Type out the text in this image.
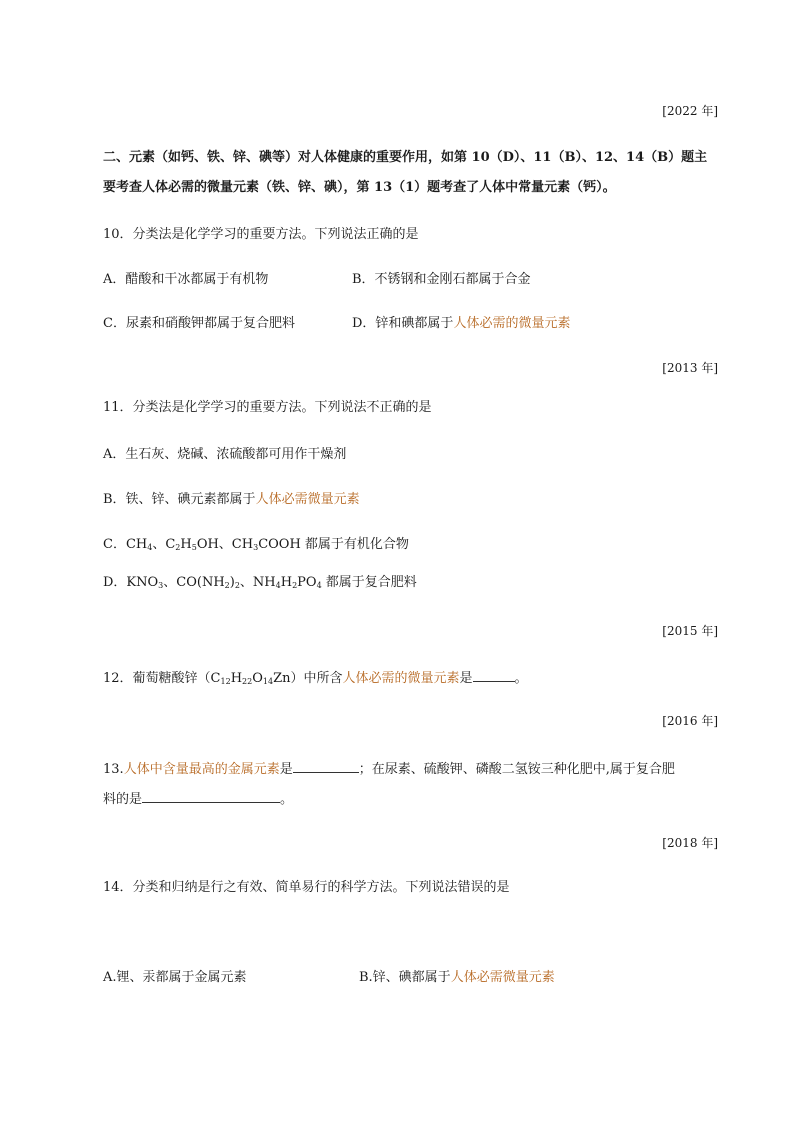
[2022 年]
二、元素（如钙、铁、锌、碘等）对人体健康的重要作用，如第 10（D）、11（B）、12、14（B）题主
要考查人体必需的微量元素（铁、锌、碘），第 13（1）题考查了人体中常量元素（钙）。
10．分类法是化学学习的重要方法。下列说法正确的是
A．醋酸和干冰都属于有机物	B．不锈钢和金刚石都属于合金
C．尿素和硝酸钾都属于复合肥料	D．锌和碘都属于人体必需的微量元素
[2013 年]
11．分类法是化学学习的重要方法。下列说法不正确的是
A．生石灰、烧碱、浓硫酸都可用作干燥剂
B．铁、锌、碘元素都属于人体必需微量元素
C．$CH_4$、$C_2H_5OH$、$CH_3COOH$ 都属于有机化合物
D．$KNO_3$、$CO(NH_2)_2$、$NH_4H_2PO_4$ 都属于复合肥料
[2015 年]
12．葡萄糖酸锌$(C_{12}H_{22}O_{14}Zn)$中所含人体必需的微量元素是	。
[2016 年]
13.人体中含量最高的金属元素是	；在尿素、硫酸钾、磷酸二氢铵三种化肥中,属于复合肥
料的是	。
[2018 年]
14．分类和归纳是行之有效、简单易行的科学方法。下列说法错误的是
A.锂、汞都属于金属元素	B.锌、碘都属于人体必需微量元素
